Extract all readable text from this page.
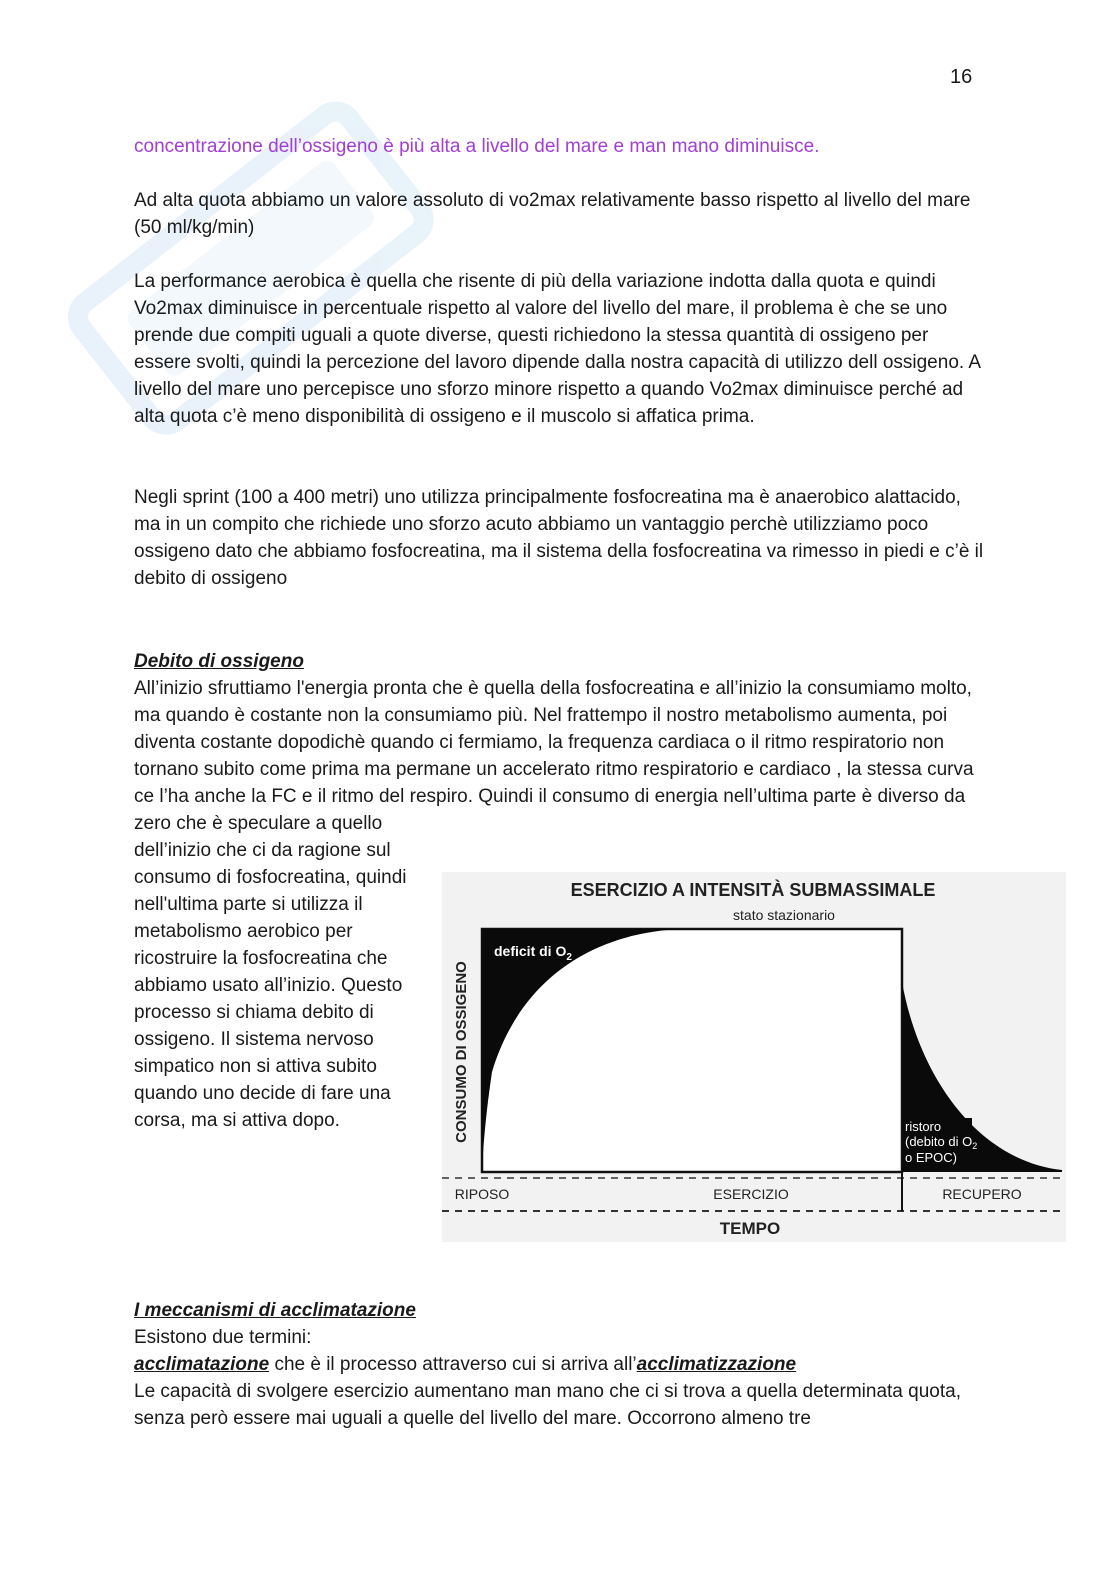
16

concentrazione dell’ossigeno è più alta a livello del mare e man mano diminuisce.

Ad alta quota abbiamo un valore assoluto di vo2max relativamente basso rispetto al livello del mare (50 ml/kg/min)

La performance aerobica è quella che risente di più della variazione indotta dalla quota e quindi Vo2max diminuisce in percentuale rispetto al valore del livello del mare, il problema è che se uno prende due compiti uguali a quote diverse, questi richiedono la stessa quantità di ossigeno per essere svolti, quindi la percezione del lavoro dipende dalla nostra capacità di utilizzo dell ossigeno. A livello del mare uno percepisce uno sforzo minore rispetto a quando Vo2max diminuisce perché ad alta quota c’è meno disponibilità di ossigeno e il muscolo si affatica prima.

Negli sprint (100 a 400 metri) uno utilizza principalmente fosfocreatina ma è anaerobico alattacido, ma in un compito che richiede uno sforzo acuto abbiamo un vantaggio perchè utilizziamo poco ossigeno dato che abbiamo fosfocreatina, ma il sistema della fosfocreatina va rimesso in piedi e c’è il debito di ossigeno

Debito di ossigeno

All’inizio sfruttiamo l'energia pronta che è quella della fosfocreatina e all’inizio la consumiamo molto, ma quando è costante non la consumiamo più. Nel frattempo il nostro metabolismo aumenta, poi diventa costante dopodichè quando ci fermiamo, la frequenza cardiaca o il ritmo respiratorio non tornano subito come prima ma permane un accelerato ritmo respiratorio e cardiaco , la stessa curva ce l’ha anche la FC e il ritmo del respiro. Quindi il consumo di energia nell’ultima parte è diverso da zero che è speculare a quello

dell’inizio che ci da ragione sul consumo di fosfocreatina, quindi nell'ultima parte si utilizza il metabolismo aerobico per ricostruire la fosfocreatina che abbiamo usato all’inizio. Questo processo si chiama debito di ossigeno. Il sistema nervoso simpatico non si attiva subito quando uno decide di fare una corsa, ma si attiva dopo.

ESERCIZIO A INTENSITÀ SUBMASSIMALE
stato stazionario
deficit di $O_2$
ristoro (debito di $O_2$ o EPOC)
CONSUMO DI OSSIGENO
RIPOSO	ESERCIZIO	RECUPERO
TEMPO

I meccanismi di acclimatazione

Esistono due termini:

acclimatazione che è il processo attraverso cui si arriva all’acclimatizzazione

Le capacità di svolgere esercizio aumentano man mano che ci si trova a quella determinata quota, senza però essere mai uguali a quelle del livello del mare. Occorrono almeno tre
